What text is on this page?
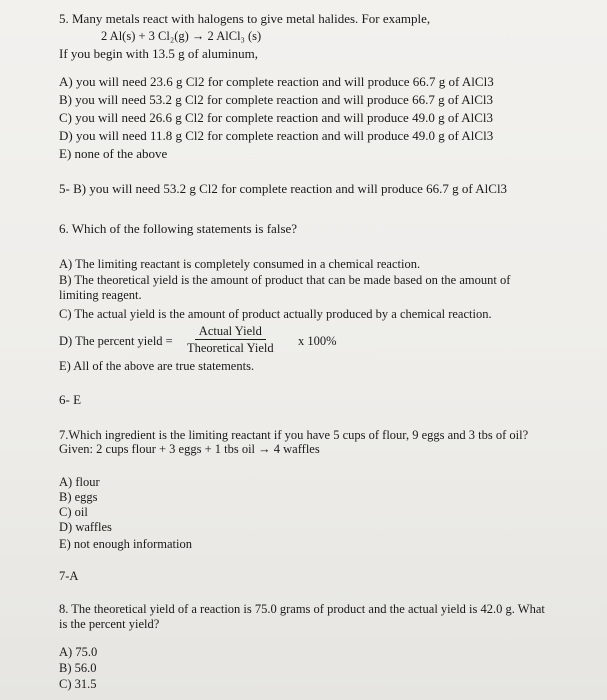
5. Many metals react with halogens to give metal halides. For example,
2 Al(s) + 3 Cl₂(g) → 2 AlCl₃ (s)
If you begin with 13.5 g of aluminum,
A) you will need 23.6 g Cl2 for complete reaction and will produce 66.7 g of AlCl3
B) you will need 53.2 g Cl2 for complete reaction and will produce 66.7 g of AlCl3
C) you will need 26.6 g Cl2 for complete reaction and will produce 49.0 g of AlCl3
D) you will need 11.8 g Cl2 for complete reaction and will produce 49.0 g of AlCl3
E) none of the above
5- B) you will need 53.2 g Cl2 for complete reaction and will produce 66.7 g of AlCl3
6. Which of the following statements is false?
A) The limiting reactant is completely consumed in a chemical reaction.
B) The theoretical yield is the amount of product that can be made based on the amount of
limiting reagent.
C) The actual yield is the amount of product actually produced by a chemical reaction.
D) The percent yield =
Actual Yield
Theoretical Yield x 100%
E) All of the above are true statements.
6- E
7.Which ingredient is the limiting reactant if you have 5 cups of flour, 9 eggs and 3 tbs of oil?
Given: 2 cups flour + 3 eggs + 1 tbs oil → 4 waffles
A) flour
B) eggs
C) oil
D) waffles
E) not enough information
7-A
8. The theoretical yield of a reaction is 75.0 grams of product and the actual yield is 42.0 g. What
is the percent yield?
A) 75.0
B) 56.0
C) 31.5
